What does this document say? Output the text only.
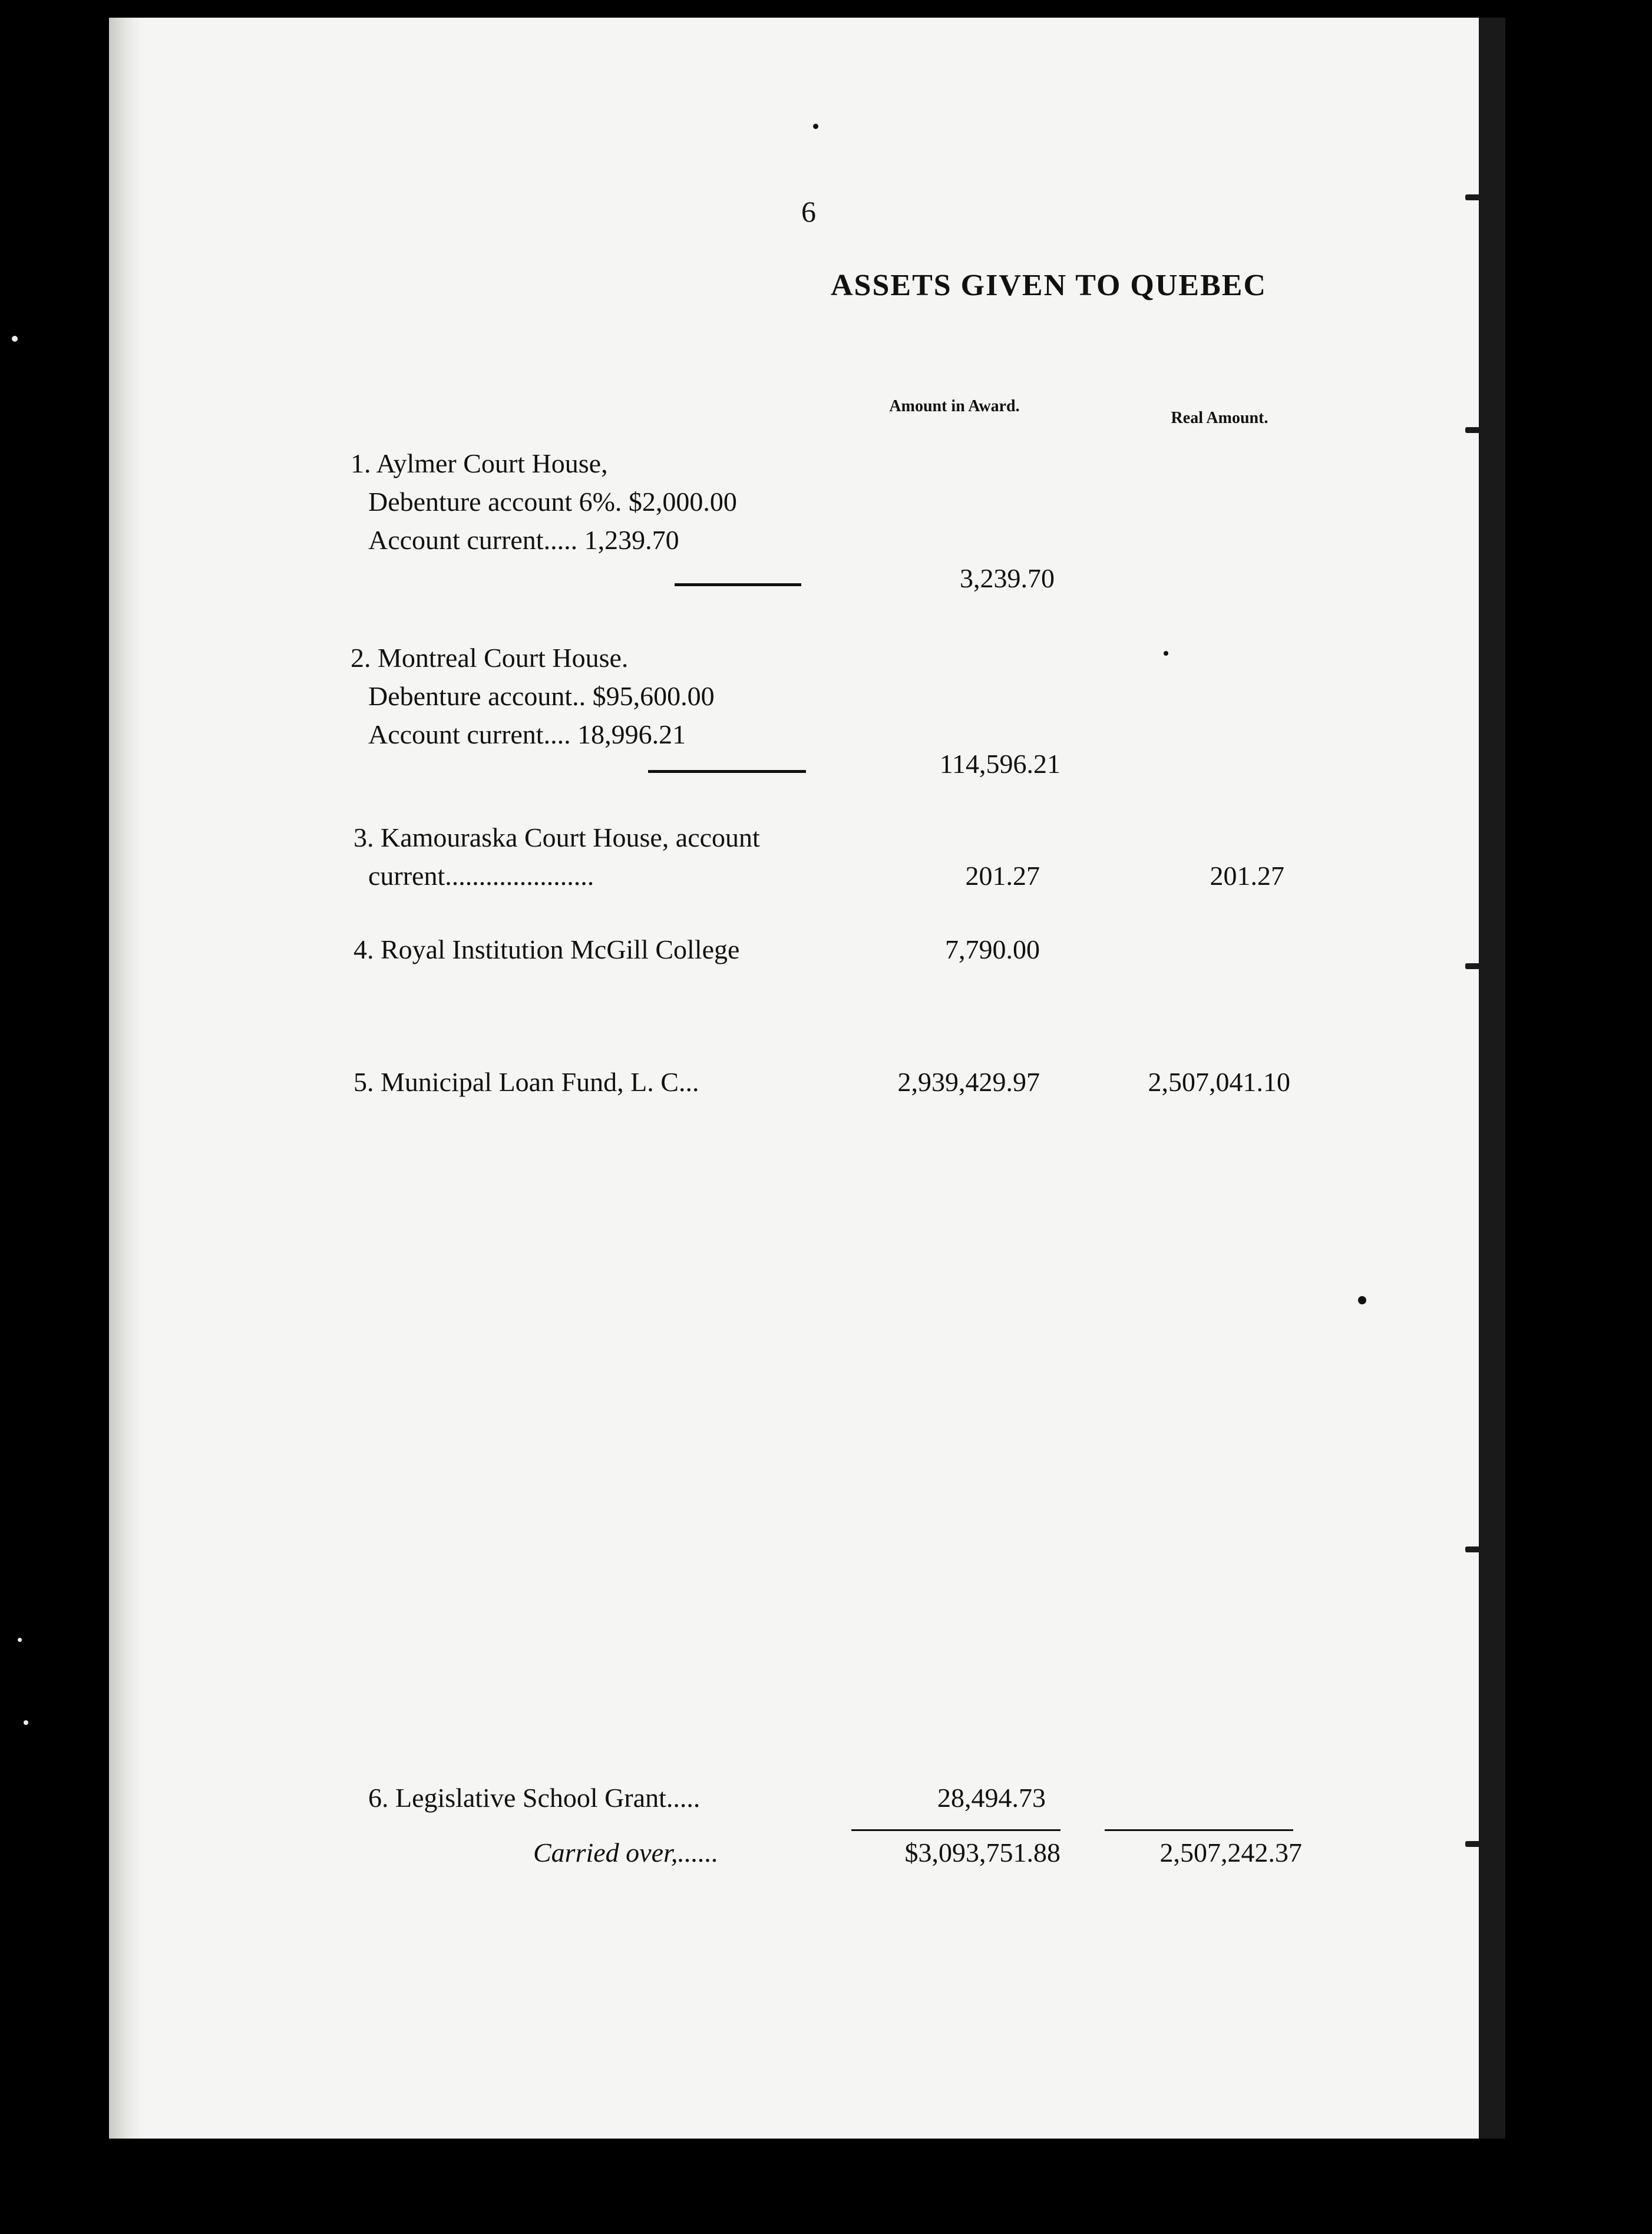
6
ASSETS GIVEN TO QUEBEC
Amount in Award.
Real Amount.
1. Aylmer Court House,
Debenture account 6%. $2,000.00
Account current..... 1,239.70
3,239.70
2. Montreal Court House.
Debenture account.. $95,600.00
Account current.... 18,996.21
114,596.21
3. Kamouraska Court House, account
current......................	201.27	201.27
4. Royal Institution McGill College	7,790.00
5. Municipal Loan Fund, L. C...	2,939,429.97	2,507,041.10
6. Legislative School Grant.....	28,494.73
Carried over,......	$3,093,751.88	2,507,242.37
